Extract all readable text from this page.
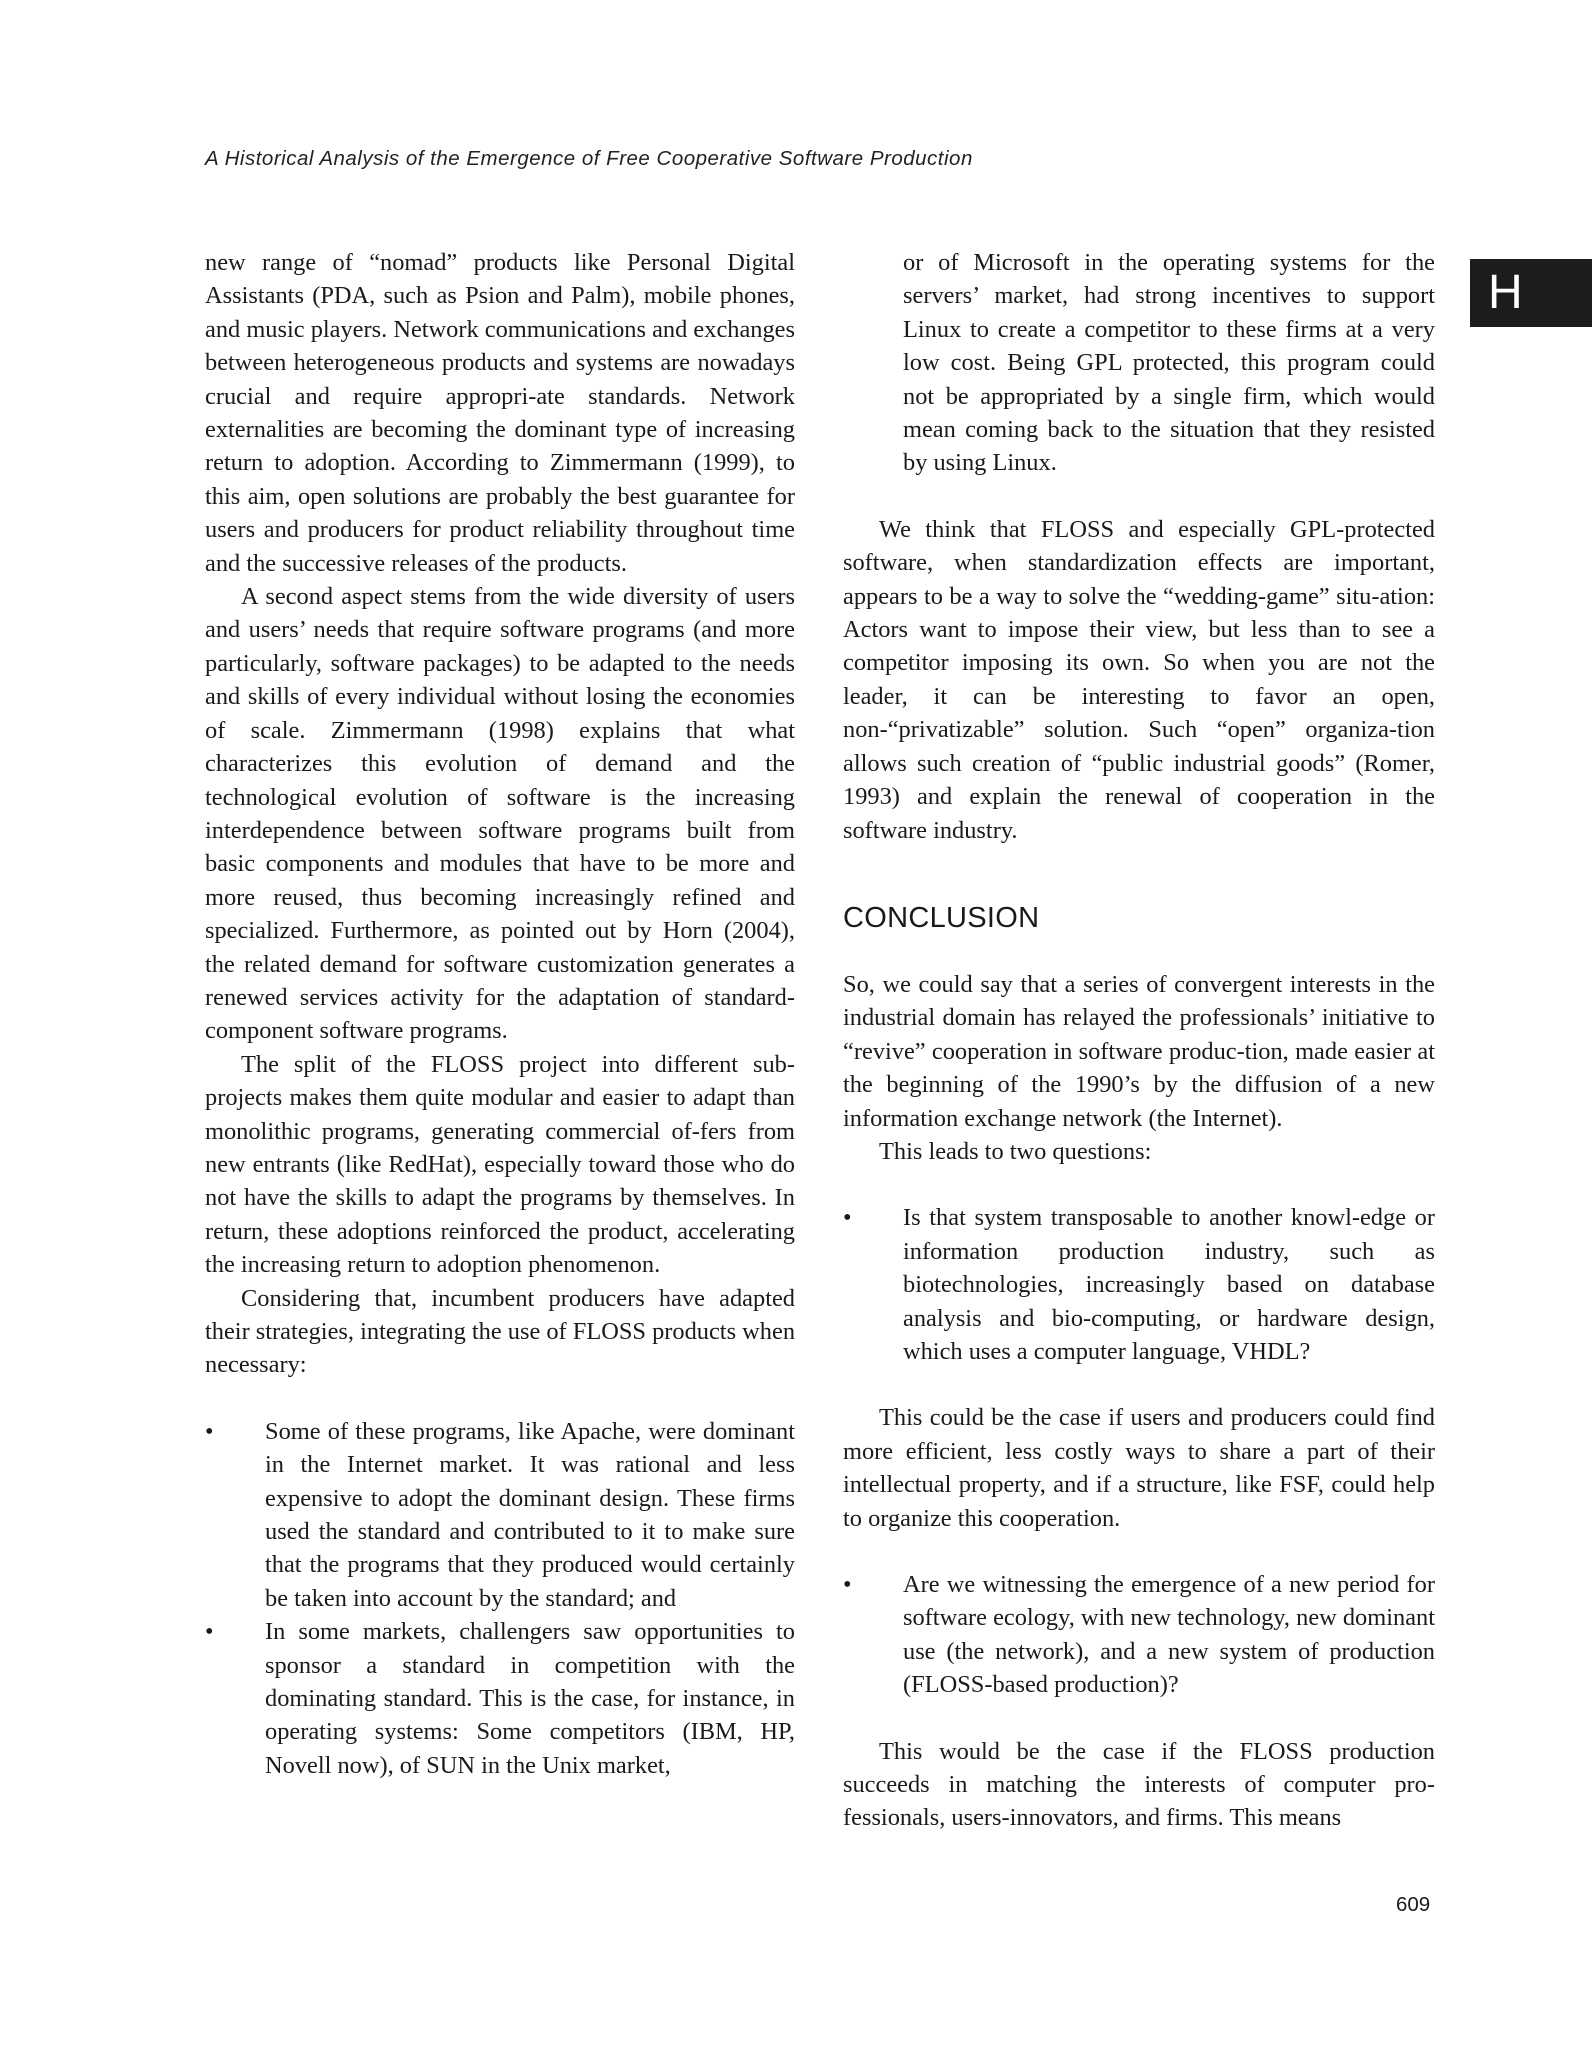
A Historical Analysis of the Emergence of Free Cooperative Software Production
H

new range of “nomad” products like Personal Digital Assistants (PDA, such as Psion and Palm), mobile phones, and music players. Network communications and exchanges between heterogeneous products and systems are nowadays crucial and require appropri-ate standards. Network externalities are becoming the dominant type of increasing return to adoption. According to Zimmermann (1999), to this aim, open solutions are probably the best guarantee for users and producers for product reliability throughout time and the successive releases of the products.

A second aspect stems from the wide diversity of users and users’ needs that require software programs (and more particularly, software packages) to be adapted to the needs and skills of every individual without losing the economies of scale. Zimmermann (1998) explains that what characterizes this evolution of demand and the technological evolution of software is the increasing interdependence between software programs built from basic components and modules that have to be more and more reused, thus becoming increasingly refined and specialized. Furthermore, as pointed out by Horn (2004), the related demand for software customization generates a renewed services activity for the adaptation of standard-component software programs.

The split of the FLOSS project into different sub-projects makes them quite modular and easier to adapt than monolithic programs, generating commercial of-fers from new entrants (like RedHat), especially toward those who do not have the skills to adapt the programs by themselves. In return, these adoptions reinforced the product, accelerating the increasing return to adoption phenomenon.

Considering that, incumbent producers have adapted their strategies, integrating the use of FLOSS products when necessary:

• Some of these programs, like Apache, were dominant in the Internet market. It was rational and less expensive to adopt the dominant design. These firms used the standard and contributed to it to make sure that the programs that they produced would certainly be taken into account by the standard; and
• In some markets, challengers saw opportunities to sponsor a standard in competition with the dominating standard. This is the case, for instance, in operating systems: Some competitors (IBM, HP, Novell now), of SUN in the Unix market,

or of Microsoft in the operating systems for the servers’ market, had strong incentives to support Linux to create a competitor to these firms at a very low cost. Being GPL protected, this program could not be appropriated by a single firm, which would mean coming back to the situation that they resisted by using Linux.

We think that FLOSS and especially GPL-protected software, when standardization effects are important, appears to be a way to solve the “wedding-game” situ-ation: Actors want to impose their view, but less than to see a competitor imposing its own. So when you are not the leader, it can be interesting to favor an open, non-“privatizable” solution. Such “open” organiza-tion allows such creation of “public industrial goods” (Romer, 1993) and explain the renewal of cooperation in the software industry.

CONCLUSION

So, we could say that a series of convergent interests in the industrial domain has relayed the professionals’ initiative to “revive” cooperation in software produc-tion, made easier at the beginning of the 1990’s by the diffusion of a new information exchange network (the Internet).

This leads to two questions:

• Is that system transposable to another knowl-edge or information production industry, such as biotechnologies, increasingly based on database analysis and bio-computing, or hardware design, which uses a computer language, VHDL?

This could be the case if users and producers could find more efficient, less costly ways to share a part of their intellectual property, and if a structure, like FSF, could help to organize this cooperation.

• Are we witnessing the emergence of a new period for software ecology, with new technology, new dominant use (the network), and a new system of production (FLOSS-based production)?

This would be the case if the FLOSS production succeeds in matching the interests of computer pro-fessionals, users-innovators, and firms. This means

609
